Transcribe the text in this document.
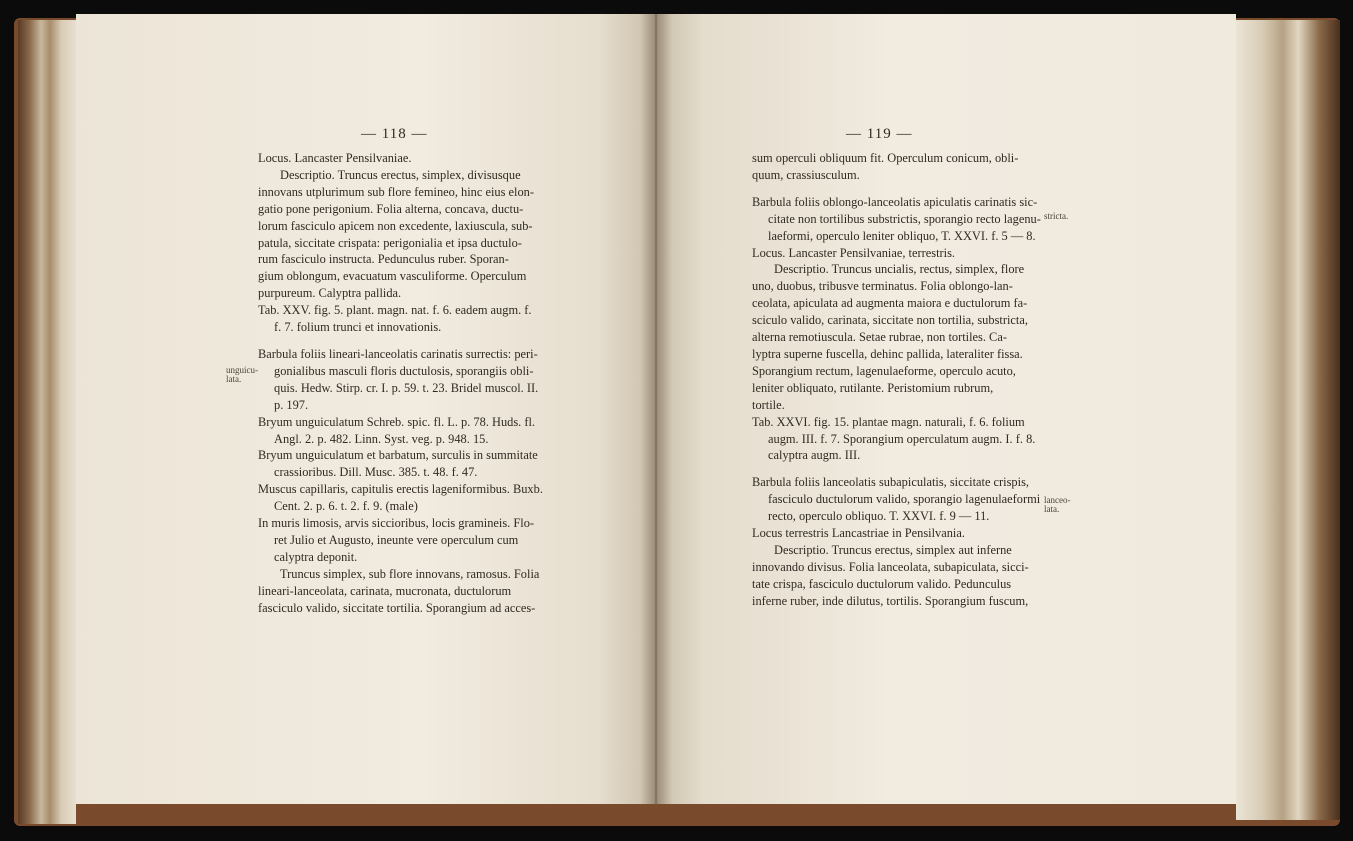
— 118 —
unguicu-
lata.
Locus. Lancaster Pensilvaniae.
Descriptio. Truncus erectus, simplex, divisusque
innovans utplurimum sub flore femineo, hinc eius elon-
gatio pone perigonium. Folia alterna, concava, ductu-
lorum fasciculo apicem non excedente, laxiuscula, sub-
patula, siccitate crispata: perigonialia et ipsa ductulo-
rum fasciculo instructa. Pedunculus ruber. Sporan-
gium oblongum, evacuatum vasculiforme. Operculum
purpureum. Calyptra pallida.
Tab. XXV. fig. 5. plant. magn. nat. f. 6. eadem augm. f.
f. 7. folium trunci et innovationis.
Barbula foliis lineari-lanceolatis carinatis surrectis: peri-
gonialibus masculi floris ductulosis, sporangiis obli-
quis. Hedw. Stirp. cr. I. p. 59. t. 23. Bridel muscol. II.
p. 197.
Bryum unguiculatum Schreb. spic. fl. L. p. 78. Huds. fl.
Angl. 2. p. 482. Linn. Syst. veg. p. 948. 15.
Bryum unguiculatum et barbatum, surculis in summitate
crassioribus. Dill. Musc. 385. t. 48. f. 47.
Muscus capillaris, capitulis erectis lageniformibus. Buxb.
Cent. 2. p. 6. t. 2. f. 9. (male)
In muris limosis, arvis siccioribus, locis gramineis. Flo-
ret Julio et Augusto, ineunte vere operculum cum
calyptra deponit.
Truncus simplex, sub flore innovans, ramosus. Folia
lineari-lanceolata, carinata, mucronata, ductulorum
fasciculo valido, siccitate tortilia. Sporangium ad acces-
— 119 —
stricta.
lanceo-
lata.
sum operculi obliquum fit. Operculum conicum, obli-
quum, crassiusculum.
Barbula foliis oblongo-lanceolatis apiculatis carinatis sic-
citate non tortilibus substrictis, sporangio recto lagenu-
laeformi, operculo leniter obliquo, T. XXVI. f. 5 — 8.
Locus. Lancaster Pensilvaniae, terrestris.
Descriptio. Truncus uncialis, rectus, simplex, flore
uno, duobus, tribusve terminatus. Folia oblongo-lan-
ceolata, apiculata ad augmenta maiora e ductulorum fa-
sciculo valido, carinata, siccitate non tortilia, substricta,
alterna remotiuscula. Setae rubrae, non tortiles. Ca-
lyptra superne fuscella, dehinc pallida, lateraliter fissa.
Sporangium rectum, lagenulaeforme, operculo acuto,
leniter obliquato, rutilante. Peristomium rubrum,
tortile.
Tab. XXVI. fig. 15. plantae magn. naturali, f. 6. folium
augm. III. f. 7. Sporangium operculatum augm. I. f. 8.
calyptra augm. III.
Barbula foliis lanceolatis subapiculatis, siccitate crispis,
fasciculo ductulorum valido, sporangio lagenulaeformi
recto, operculo obliquo. T. XXVI. f. 9 — 11.
Locus terrestris Lancastriae in Pensilvania.
Descriptio. Truncus erectus, simplex aut inferne
innovando divisus. Folia lanceolata, subapiculata, sicci-
tate crispa, fasciculo ductulorum valido. Pedunculus
inferne ruber, inde dilutus, tortilis. Sporangium fuscum,
